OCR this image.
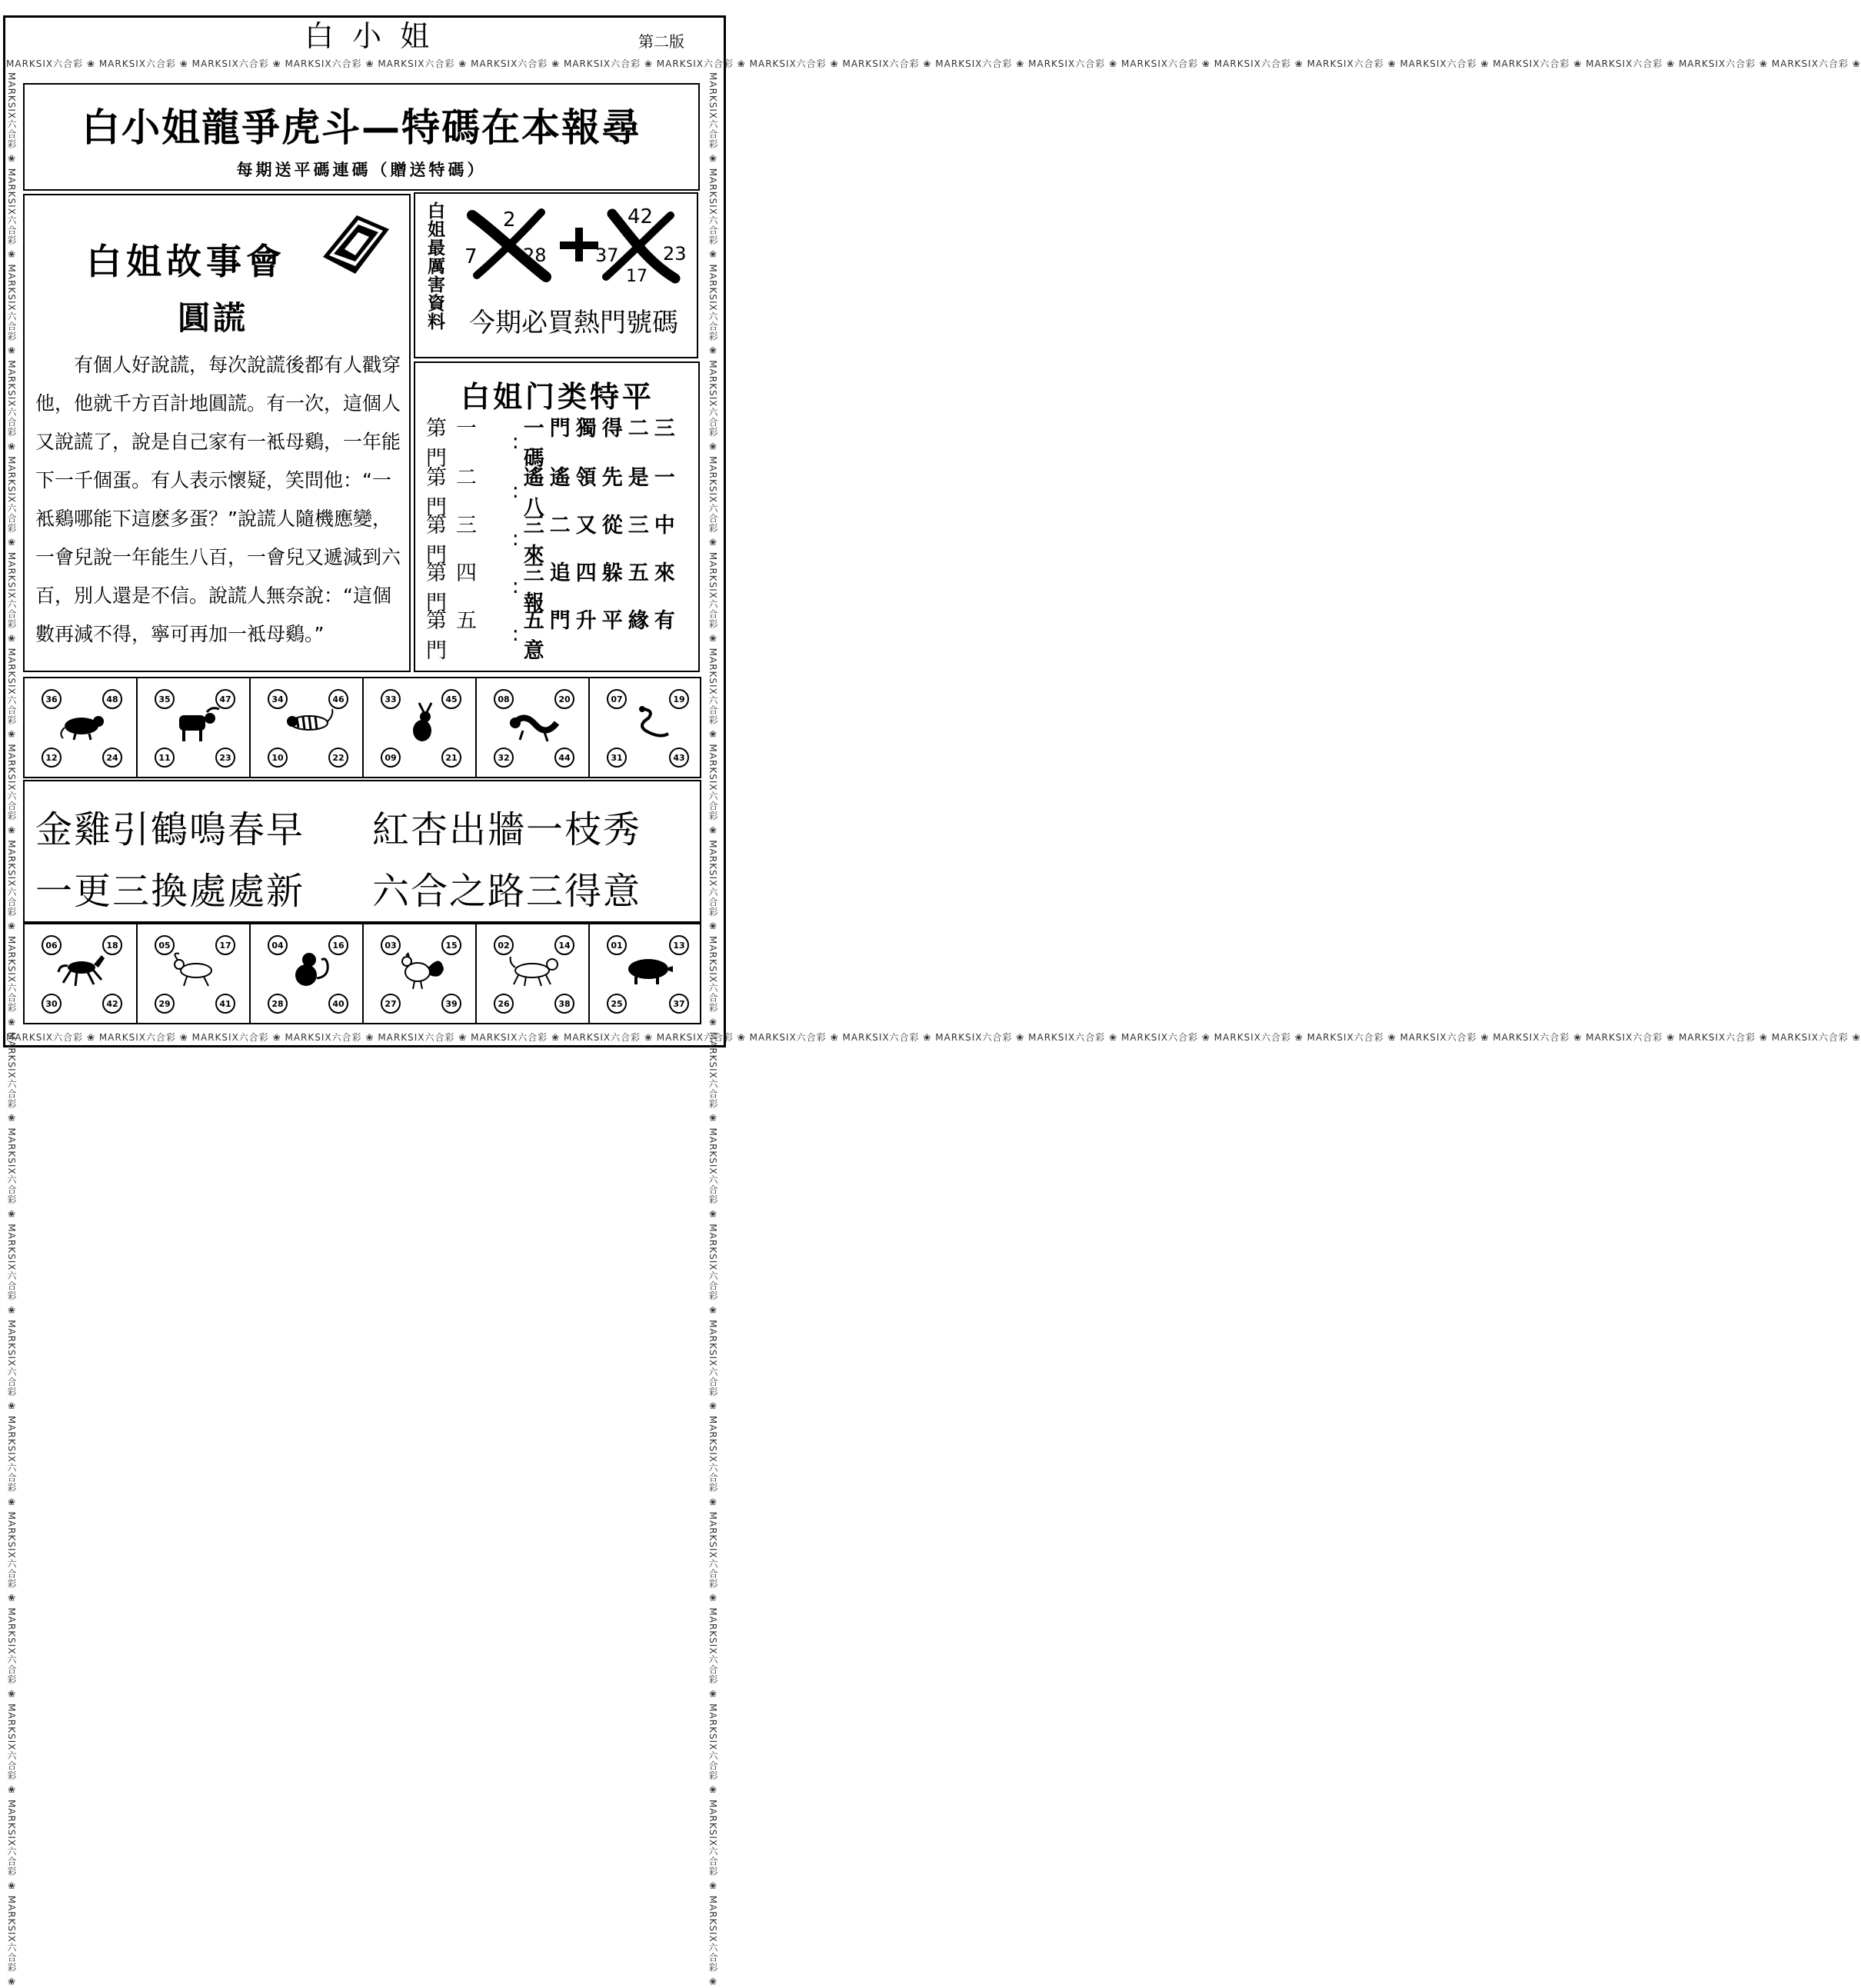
白 小 姐	第二版
MARKSIX六合彩 ❀ MARKSIX六合彩 ❀ MARKSIX六合彩 ❀ MARKSIX六合彩 ❀ MARKSIX六合彩 ❀ MARKSIX六合彩 ❀ MARKSIX六合彩 ❀ MARKSIX六合彩 ❀ MARKSIX六合彩 ❀ MARKSIX六合彩 ❀ MARKSIX六合彩 ❀ MARKSIX六合彩 ❀ MARKSIX六合彩 ❀ MARKSIX六合彩 ❀ MARKSIX六合彩 ❀ MARKSIX六合彩 ❀ MARKSIX六合彩 ❀ MARKSIX六合彩 ❀ MARKSIX六合彩 ❀ MARKSIX六合彩 ❀
MARKSIX六合彩 ❀ MARKSIX六合彩 ❀ MARKSIX六合彩 ❀ MARKSIX六合彩 ❀ MARKSIX六合彩 ❀ MARKSIX六合彩 ❀ MARKSIX六合彩 ❀ MARKSIX六合彩 ❀ MARKSIX六合彩 ❀ MARKSIX六合彩 ❀ MARKSIX六合彩 ❀ MARKSIX六合彩 ❀ MARKSIX六合彩 ❀ MARKSIX六合彩 ❀ MARKSIX六合彩 ❀ MARKSIX六合彩 ❀ MARKSIX六合彩 ❀ MARKSIX六合彩 ❀ MARKSIX六合彩 ❀ MARKSIX六合彩 ❀
MARKSIX六合彩 ❀ MARKSIX六合彩 ❀ MARKSIX六合彩 ❀ MARKSIX六合彩 ❀ MARKSIX六合彩 ❀ MARKSIX六合彩 ❀ MARKSIX六合彩 ❀ MARKSIX六合彩 ❀ MARKSIX六合彩 ❀ MARKSIX六合彩 ❀ MARKSIX六合彩 ❀ MARKSIX六合彩 ❀ MARKSIX六合彩 ❀ MARKSIX六合彩 ❀ MARKSIX六合彩 ❀ MARKSIX六合彩 ❀ MARKSIX六合彩 ❀ MARKSIX六合彩 ❀ MARKSIX六合彩 ❀ MARKSIX六合彩 ❀	MARKSIX六合彩 ❀ MARKSIX六合彩 ❀ MARKSIX六合彩 ❀ MARKSIX六合彩 ❀ MARKSIX六合彩 ❀ MARKSIX六合彩 ❀ MARKSIX六合彩 ❀ MARKSIX六合彩 ❀ MARKSIX六合彩 ❀ MARKSIX六合彩 ❀ MARKSIX六合彩 ❀ MARKSIX六合彩 ❀ MARKSIX六合彩 ❀ MARKSIX六合彩 ❀ MARKSIX六合彩 ❀ MARKSIX六合彩 ❀ MARKSIX六合彩 ❀ MARKSIX六合彩 ❀ MARKSIX六合彩 ❀ MARKSIX六合彩 ❀
白小姐龍爭虎斗—特碼在本報尋
每期送平碼連碼（贈送特碼）
白姐故事會
圓謊

有個人好說謊，每次說謊後都有人戳穿他，他就千方百計地圓謊。有一次，這個人又說謊了，說是自己家有一袛母鷄，一年能下一千個蛋。有人表示懷疑，笑問他：“一袛鷄哪能下這麽多蛋？”說謊人隨機應變，一會兒說一年能生八百，一會兒又遞減到六百，別人還是不信。說謊人無奈說：“這個數再減不得，寧可再加一袛母鷄。”

白姐最厲害資料 7
2
28	37
42
23
17
今期必買熱門號碼
白姐门类特平
第一門
:
一門獨得二三碼
第二門
:
遙遙領先是一八
第三門
:
三二又從三中來
第四門
:
三追四躲五來報
第五門
:
五門升平緣有意
36	48
12	24
35	47
11	23
34	46
10	22
33	45
09	21
08	20
32	44
07	19
31	43
金雞引鶴鳴春早	紅杏出牆一枝秀
一更三換處處新	六合之路三得意
06	18
30	42
05	17
29	41
04	16
28	40
03	15
27	39
02	14
26	38
01	13
25	37
